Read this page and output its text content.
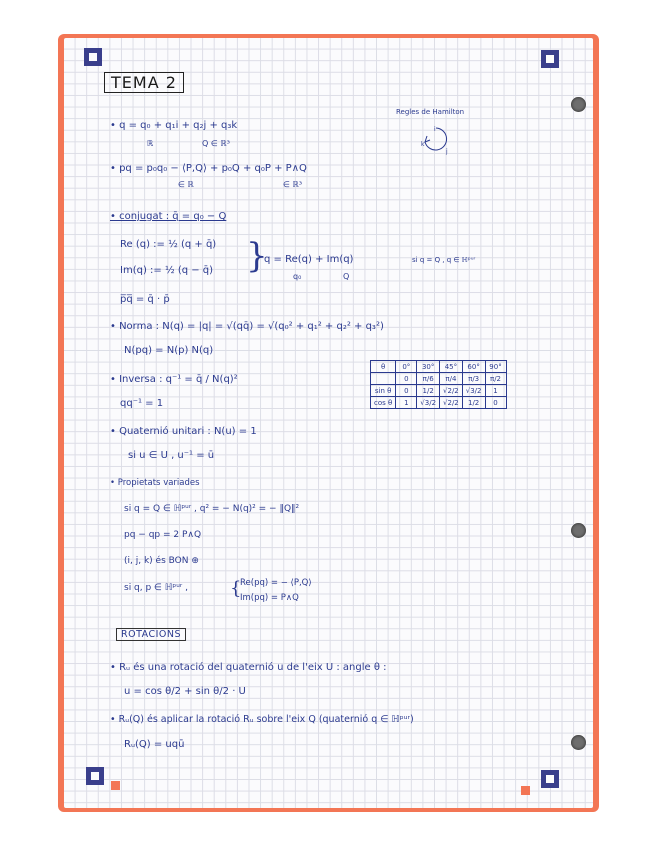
TEMA 2
Regles de Hamilton
i
j
k
• q = q₀ + q₁i + q₂j + q₃k
ℝ	Q ∈ ℝ³
• pq = p₀q₀ − ⟨P,Q⟩ + p₀Q + q₀P + P∧Q
∈ ℝ	∈ ℝ³
• conjugat : q̄ = q₀ − Q
Re (q) := ½ (q + q̄)
Im(q) := ½ (q − q̄) }
q = Re(q) + Im(q)
q₀	Q
si q = Q , q ∈ ℍᵖᵘʳ
p̅q̅ = q̄ · p̄
• Norma : N(q) = |q| = √(qq̄) = √(q₀² + q₁² + q₂² + q₃²)
N(pq) = N(p) N(q)
• Inversa : q⁻¹ = q̄ / N(q)²
qq⁻¹ = 1
θ	0°	30°	45°	60°	90°
	0	π/6	π/4	π/3	π/2
sin θ	0	1/2	√2/2	√3/2	1
cos θ	1	√3/2	√2/2	1/2	0
• Quaternió unitari : N(u) = 1
si u ∈ U , u⁻¹ = ū
• Propietats variades
si q = Q ∈ ℍᵖᵘʳ , q² = − N(q)² = − ‖Q‖²
pq − qp = 2 P∧Q
(i, j, k) és BON ⊕
si q, p ∈ ℍᵖᵘʳ , {
Re(pq) = − ⟨P,Q⟩
Im(pq) = P∧Q
ROTACIONS
• Rᵤ és una rotació del quaternió u de l'eix U : angle θ :
u = cos θ/2 + sin θ/2 · U
• Rᵤ(Q) és aplicar la rotació Rᵤ sobre l'eix Q (quaternió q ∈ ℍᵖᵘʳ)
Rᵤ(Q) = uqū
